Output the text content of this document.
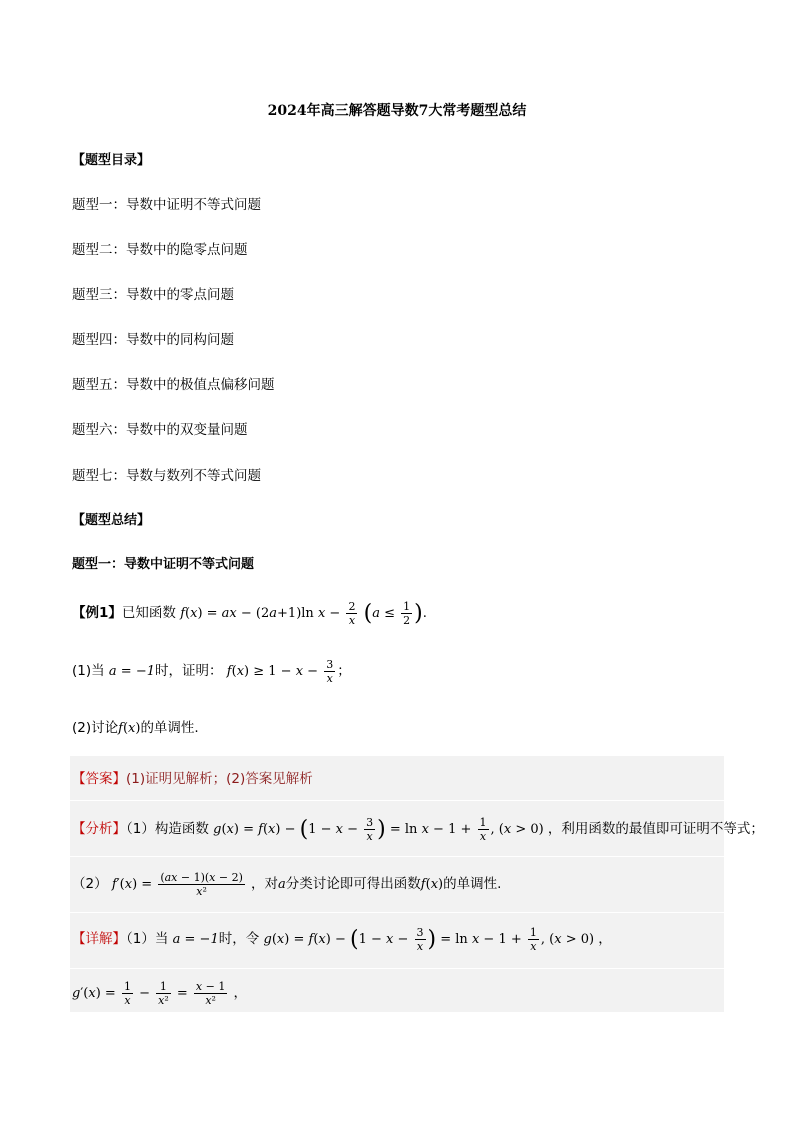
2024年高三解答题导数7大常考题型总结
【题型目录】
题型一：导数中证明不等式问题
题型二：导数中的隐零点问题
题型三：导数中的零点问题
题型四：导数中的同构问题
题型五：导数中的极值点偏移问题
题型六：导数中的双变量问题
题型七：导数与数列不等式问题
【题型总结】
题型一：导数中证明不等式问题
【例1】已知函数 f(x) = ax − (2a+1)ln $x - \frac{2}{x} (a \le \frac{1}{2}$ ).
(1)当 a = −1时，证明： $f(x) \ge 1 - x - \frac{3}{x}$ ；
(2)讨论f(x)的单调性.
【答案】(1)证明见解析；(2)答案见解析
【分析】（1）构造函数 $g(x) = f(x) - (1 - x - \frac{3}{x}$ ) = $\ln x - 1 + \frac{1}{x}$ , (x > 0) ，利用函数的最值即可证明不等式；
（2） $f'(x) = \frac{(ax - 1)(x - 2)}{\text{x²}}$ ，对a分类讨论即可得出函数f(x)的单调性.
【详解】（1）当 a = −1时，令 $g(x) = f(x) - (1 - x - \frac{3}{x}$ ) = $\ln x - 1 + \frac{1}{x}$ , (x > 0) ，
$g'(x) = \frac{1}{x} - \frac{1}{\text{x²}} = \frac{x - 1}{\text{x²}}$ ，
